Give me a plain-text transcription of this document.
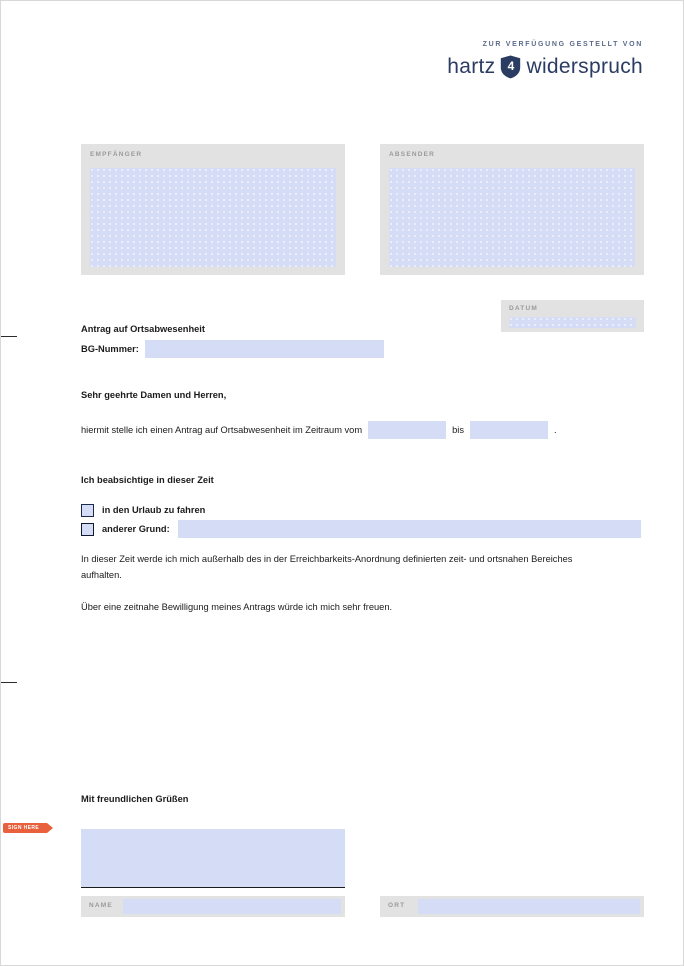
ZUR VERFÜGUNG GESTELLT VON
hartz	4 widerspruch
EMPFÄNGER	ABSENDER
DATUM
Antrag auf Ortsabwesenheit
BG-Nummer:
Sehr geehrte Damen und Herren,
hiermit stelle ich einen Antrag auf Ortsabwesenheit im Zeitraum vom	bis	.
Ich beabsichtige in dieser Zeit
in den Urlaub zu fahren
anderer Grund:
In dieser Zeit werde ich mich außerhalb des in der Erreichbarkeits-Anordnung definierten zeit- und ortsnahen Bereiches aufhalten.
Über eine zeitnahe Bewilligung meines Antrags würde ich mich sehr freuen.
Mit freundlichen Grüßen
SIGN HERE
NAME	ORT
